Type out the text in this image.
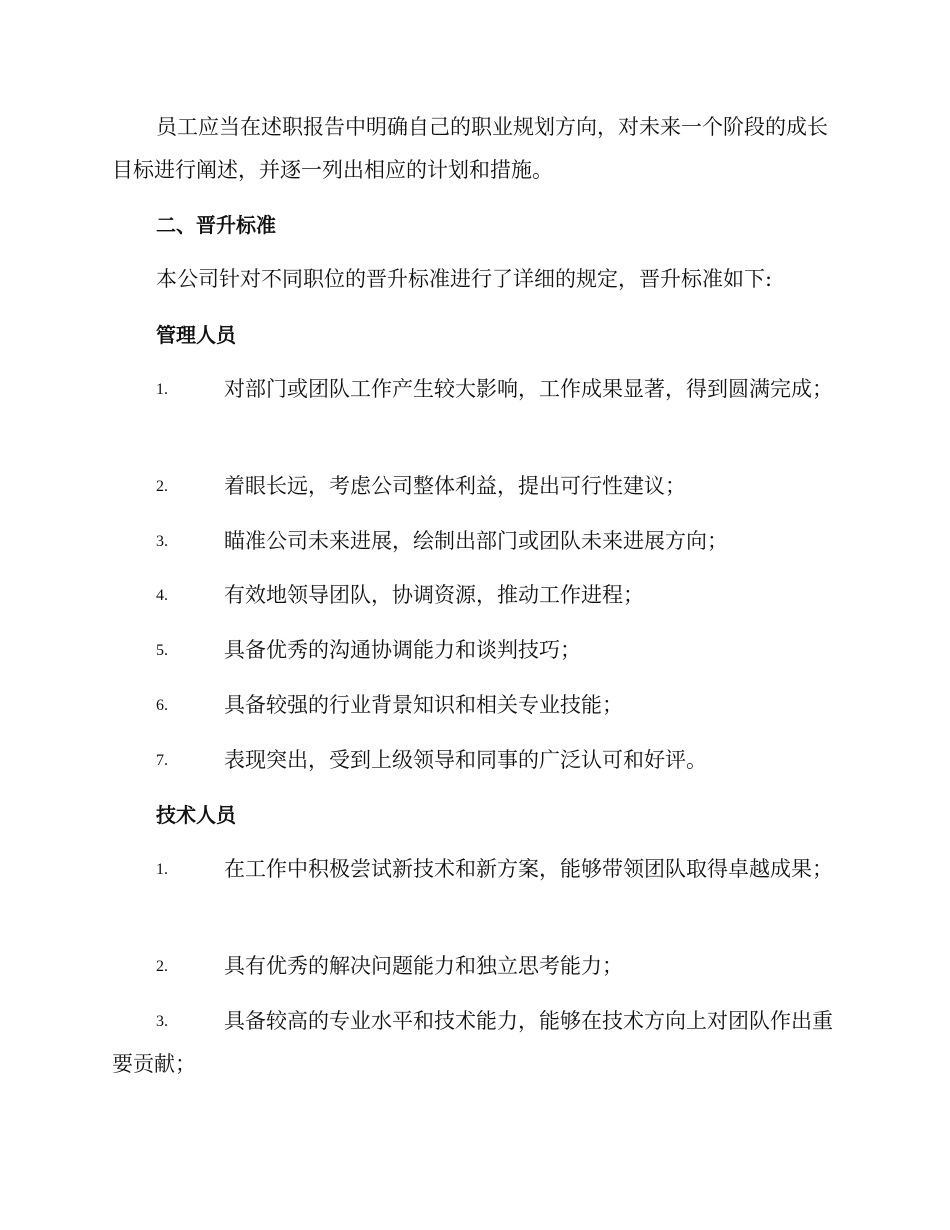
员工应当在述职报告中明确自己的职业规划方向，对未来一个阶段的成长目标进行阐述，并逐一列出相应的计划和措施。

二、晋升标准

本公司针对不同职位的晋升标准进行了详细的规定，晋升标准如下:

管理人员
1.	对部门或团队工作产生较大影响，工作成果显著，得到圆满完成；
2.	着眼长远，考虑公司整体利益，提出可行性建议；
3.	瞄准公司未来进展，绘制出部门或团队未来进展方向；
4.	有效地领导团队，协调资源，推动工作进程；
5.	具备优秀的沟通协调能力和谈判技巧；
6.	具备较强的行业背景知识和相关专业技能；
7.	表现突出，受到上级领导和同事的广泛认可和好评。
技术人员
1.	在工作中积极尝试新技术和新方案，能够带领团队取得卓越成果；
2.	具有优秀的解决问题能力和独立思考能力；
3.	具备较高的专业水平和技术能力，能够在技术方向上对团队作出重要贡献；
